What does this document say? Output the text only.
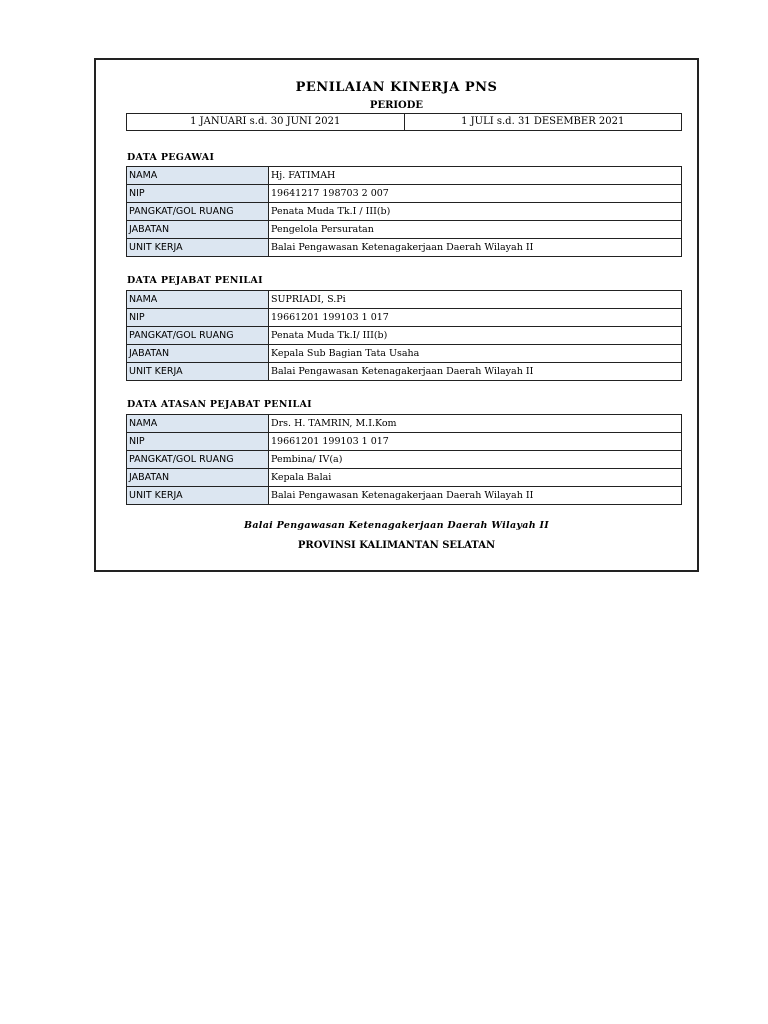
PENILAIAN KINERJA PNS
PERIODE
1 JANUARI s.d. 30 JUNI 2021	1 JULI s.d. 31 DESEMBER 2021
DATA PEGAWAI
NAMA	Hj. FATIMAH
NIP	19641217 198703 2 007
PANGKAT/GOL RUANG	Penata Muda Tk.I / III(b)
JABATAN	Pengelola Persuratan
UNIT KERJA	Balai Pengawasan Ketenagakerjaan Daerah Wilayah II
DATA PEJABAT PENILAI
NAMA	SUPRIADI, S.Pi
NIP	19661201 199103 1 017
PANGKAT/GOL RUANG	Penata Muda Tk.I/ III(b)
JABATAN	Kepala Sub Bagian Tata Usaha
UNIT KERJA	Balai Pengawasan Ketenagakerjaan Daerah Wilayah II
DATA ATASAN PEJABAT PENILAI
NAMA	Drs. H. TAMRIN, M.I.Kom
NIP	19661201 199103 1 017
PANGKAT/GOL RUANG	Pembina/ IV(a)
JABATAN	Kepala Balai
UNIT KERJA	Balai Pengawasan Ketenagakerjaan Daerah Wilayah II
Balai Pengawasan Ketenagakerjaan Daerah Wilayah II
PROVINSI KALIMANTAN SELATAN
